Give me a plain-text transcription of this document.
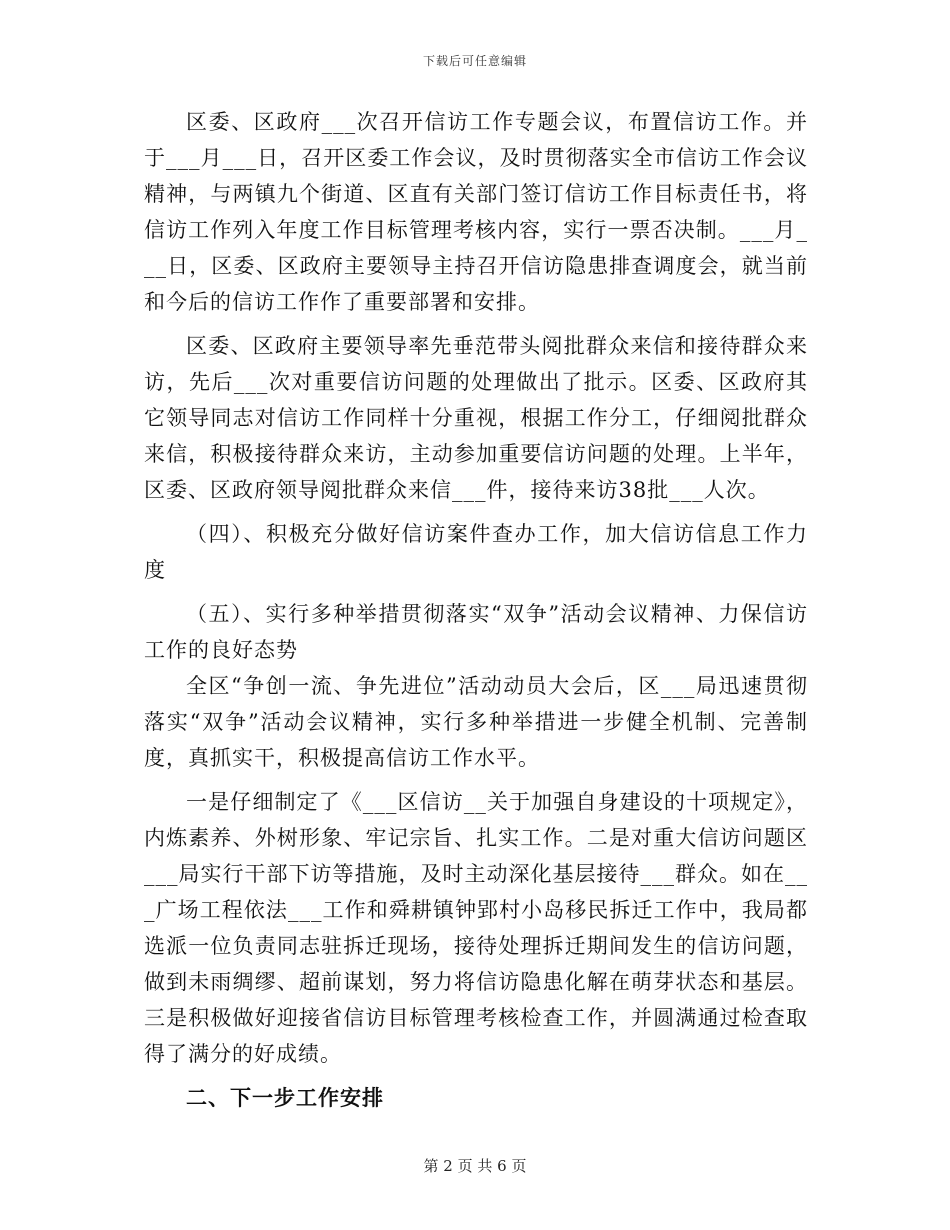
下载后可任意编辑

区委、区政府___次召开信访工作专题会议，布置信访工作。并于___月___日，召开区委工作会议，及时贯彻落实全市信访工作会议精神，与两镇九个街道、区直有关部门签订信访工作目标责任书，将信访工作列入年度工作目标管理考核内容，实行一票否决制。___月___日，区委、区政府主要领导主持召开信访隐患排查调度会，就当前和今后的信访工作作了重要部署和安排。

区委、区政府主要领导率先垂范带头阅批群众来信和接待群众来访，先后___次对重要信访问题的处理做出了批示。区委、区政府其它领导同志对信访工作同样十分重视，根据工作分工，仔细阅批群众来信，积极接待群众来访，主动参加重要信访问题的处理。上半年，区委、区政府领导阅批群众来信___件，接待来访38批___人次。

（四）、积极充分做好信访案件查办工作，加大信访信息工作力度

（五）、实行多种举措贯彻落实“双争”活动会议精神、力保信访工作的良好态势

全区“争创一流、争先进位”活动动员大会后，区___局迅速贯彻落实“双争”活动会议精神，实行多种举措进一步健全机制、完善制度，真抓实干，积极提高信访工作水平。

一是仔细制定了《___区信访__关于加强自身建设的十项规定》，内炼素养、外树形象、牢记宗旨、扎实工作。二是对重大信访问题区___局实行干部下访等措施，及时主动深化基层接待___群众。如在___广场工程依法___工作和舜耕镇钟郢村小岛移民拆迁工作中，我局都选派一位负责同志驻拆迁现场，接待处理拆迁期间发生的信访问题，做到未雨绸缪、超前谋划，努力将信访隐患化解在萌芽状态和基层。三是积极做好迎接省信访目标管理考核检查工作，并圆满通过检查取得了满分的好成绩。

二、下一步工作安排

第 2 页 共 6 页
